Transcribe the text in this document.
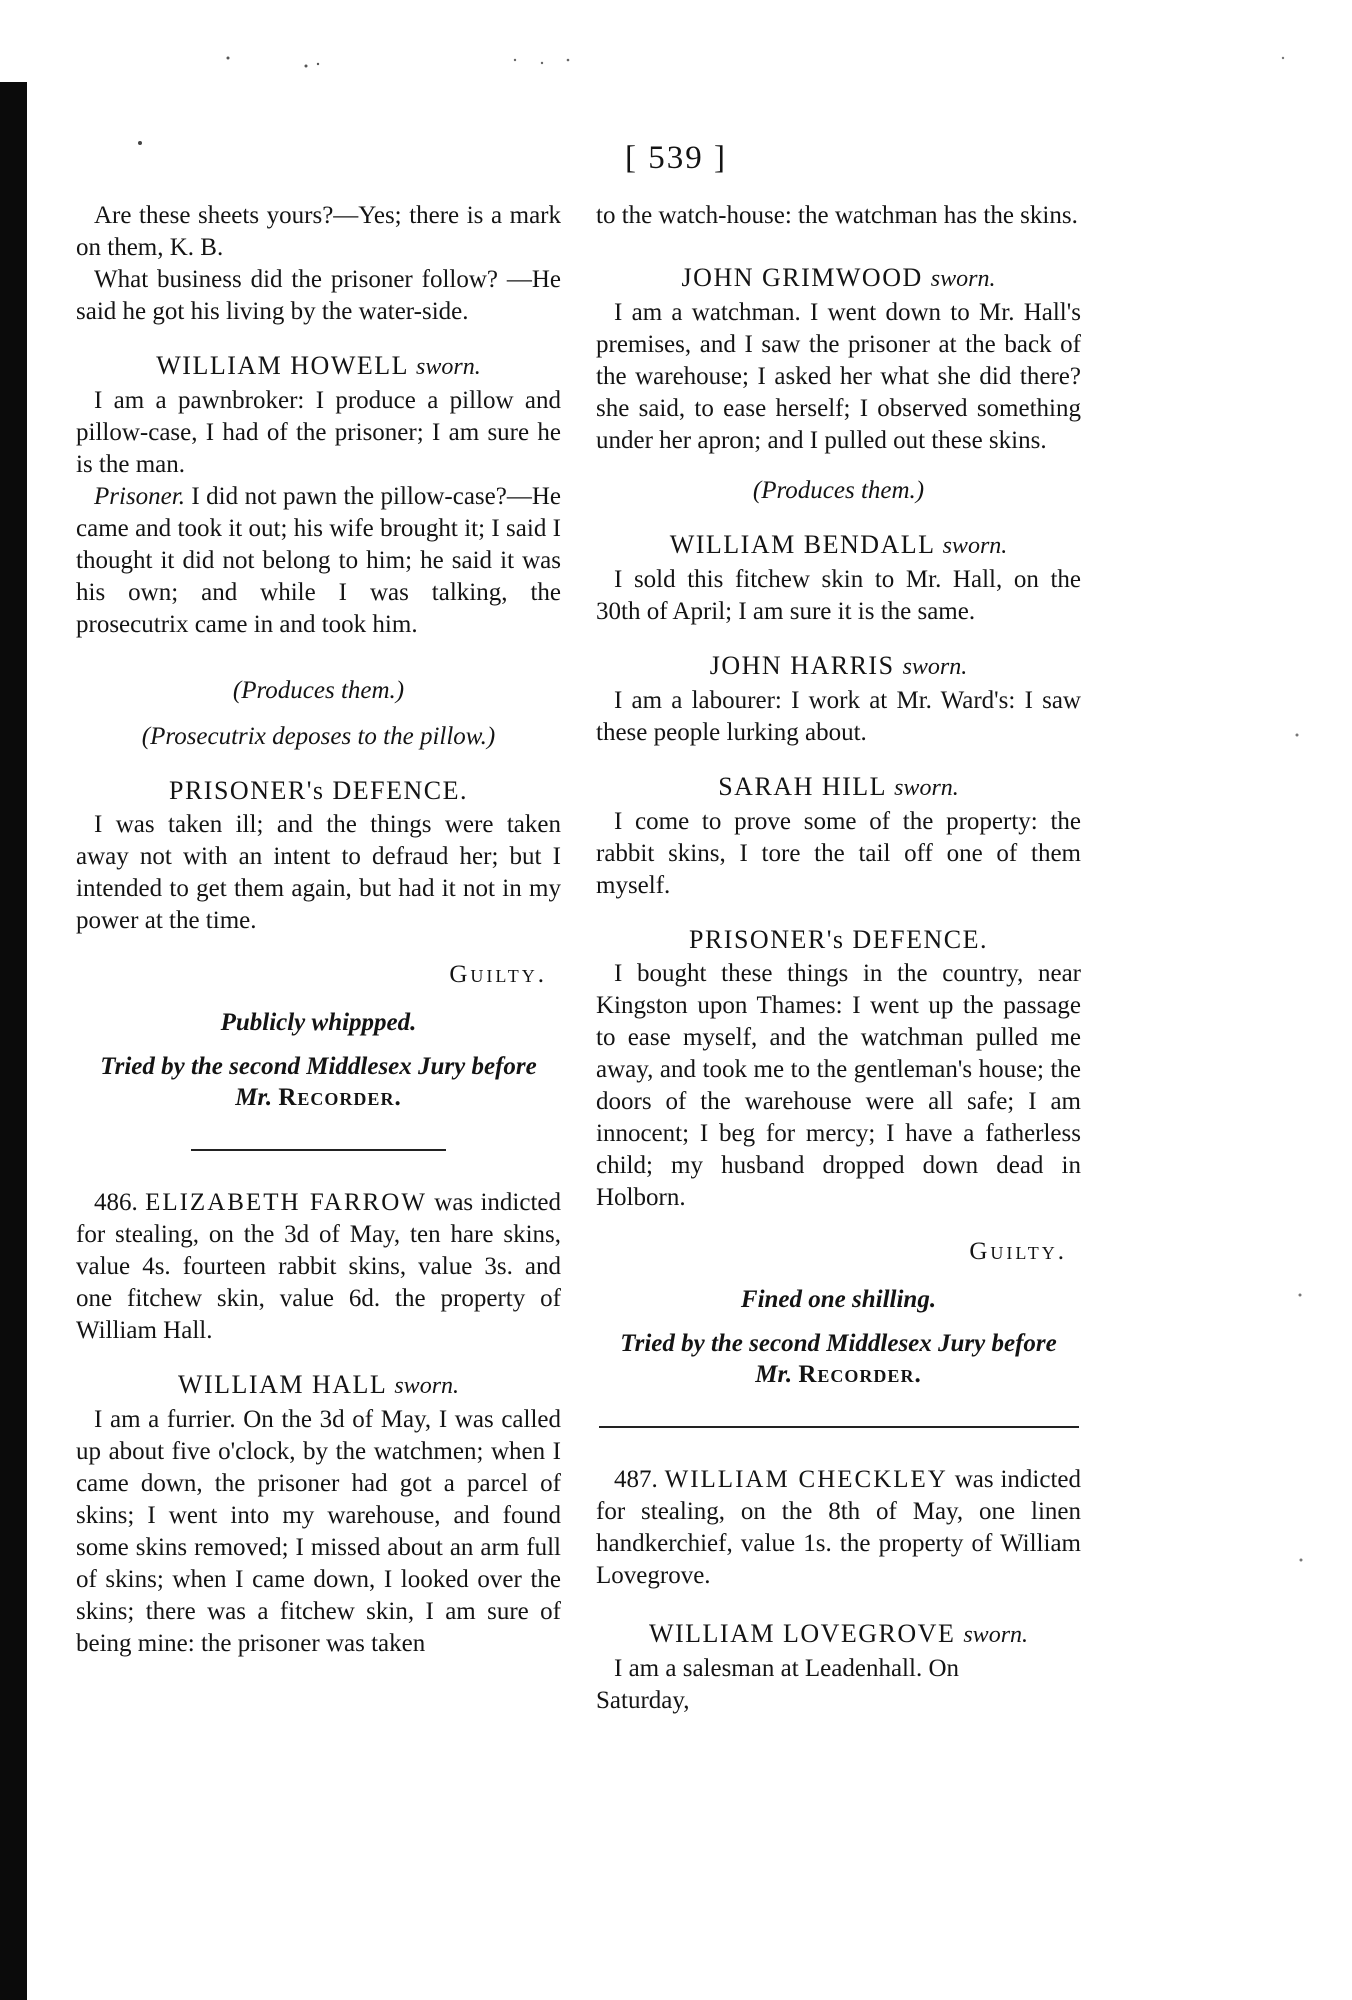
[ 539 ]

Are these sheets yours?—Yes; there is a mark on them, K. B.

What business did the prisoner follow? —He said he got his living by the water-side.

WILLIAM HOWELL sworn.

I am a pawnbroker: I produce a pillow and pillow-case, I had of the prisoner; I am sure he is the man.

Prisoner. I did not pawn the pillow-case?—He came and took it out; his wife brought it; I said I thought it did not belong to him; he said it was his own; and while I was talking, the prosecutrix came in and took him.

(Produces them.)
(Prosecutrix deposes to the pillow.)
PRISONER's DEFENCE.

I was taken ill; and the things were taken away not with an intent to defraud her; but I intended to get them again, but had it not in my power at the time.

Guilty.
Publicly whippped.
Tried by the second Middlesex Jury before
Mr. Recorder.

486. ELIZABETH FARROW was indicted for stealing, on the 3d of May, ten hare skins, value 4s. fourteen rabbit skins, value 3s. and one fitchew skin, value 6d. the property of William Hall.

WILLIAM HALL sworn.

I am a furrier. On the 3d of May, I was called up about five o'clock, by the watchmen; when I came down, the prisoner had got a parcel of skins; I went into my warehouse, and found some skins removed; I missed about an arm full of skins; when I came down, I looked over the skins; there was a fitchew skin, I am sure of being mine: the prisoner was taken

to the watch-house: the watchman has the skins.

JOHN GRIMWOOD sworn.

I am a watchman. I went down to Mr. Hall's premises, and I saw the prisoner at the back of the warehouse; I asked her what she did there? she said, to ease herself; I observed something under her apron; and I pulled out these skins.

(Produces them.)
WILLIAM BENDALL sworn.

I sold this fitchew skin to Mr. Hall, on the 30th of April; I am sure it is the same.

JOHN HARRIS sworn.

I am a labourer: I work at Mr. Ward's: I saw these people lurking about.

SARAH HILL sworn.

I come to prove some of the property: the rabbit skins, I tore the tail off one of them myself.

PRISONER's DEFENCE.

I bought these things in the country, near Kingston upon Thames: I went up the passage to ease myself, and the watchman pulled me away, and took me to the gentleman's house; the doors of the warehouse were all safe; I am innocent; I beg for mercy; I have a fatherless child; my husband dropped down dead in Holborn.

Guilty.
Fined one shilling.
Tried by the second Middlesex Jury before
Mr. Recorder.

487. WILLIAM CHECKLEY was indicted for stealing, on the 8th of May, one linen handkerchief, value 1s. the property of William Lovegrove.

WILLIAM LOVEGROVE sworn.

I am a salesman at Leadenhall. On

Saturday,
